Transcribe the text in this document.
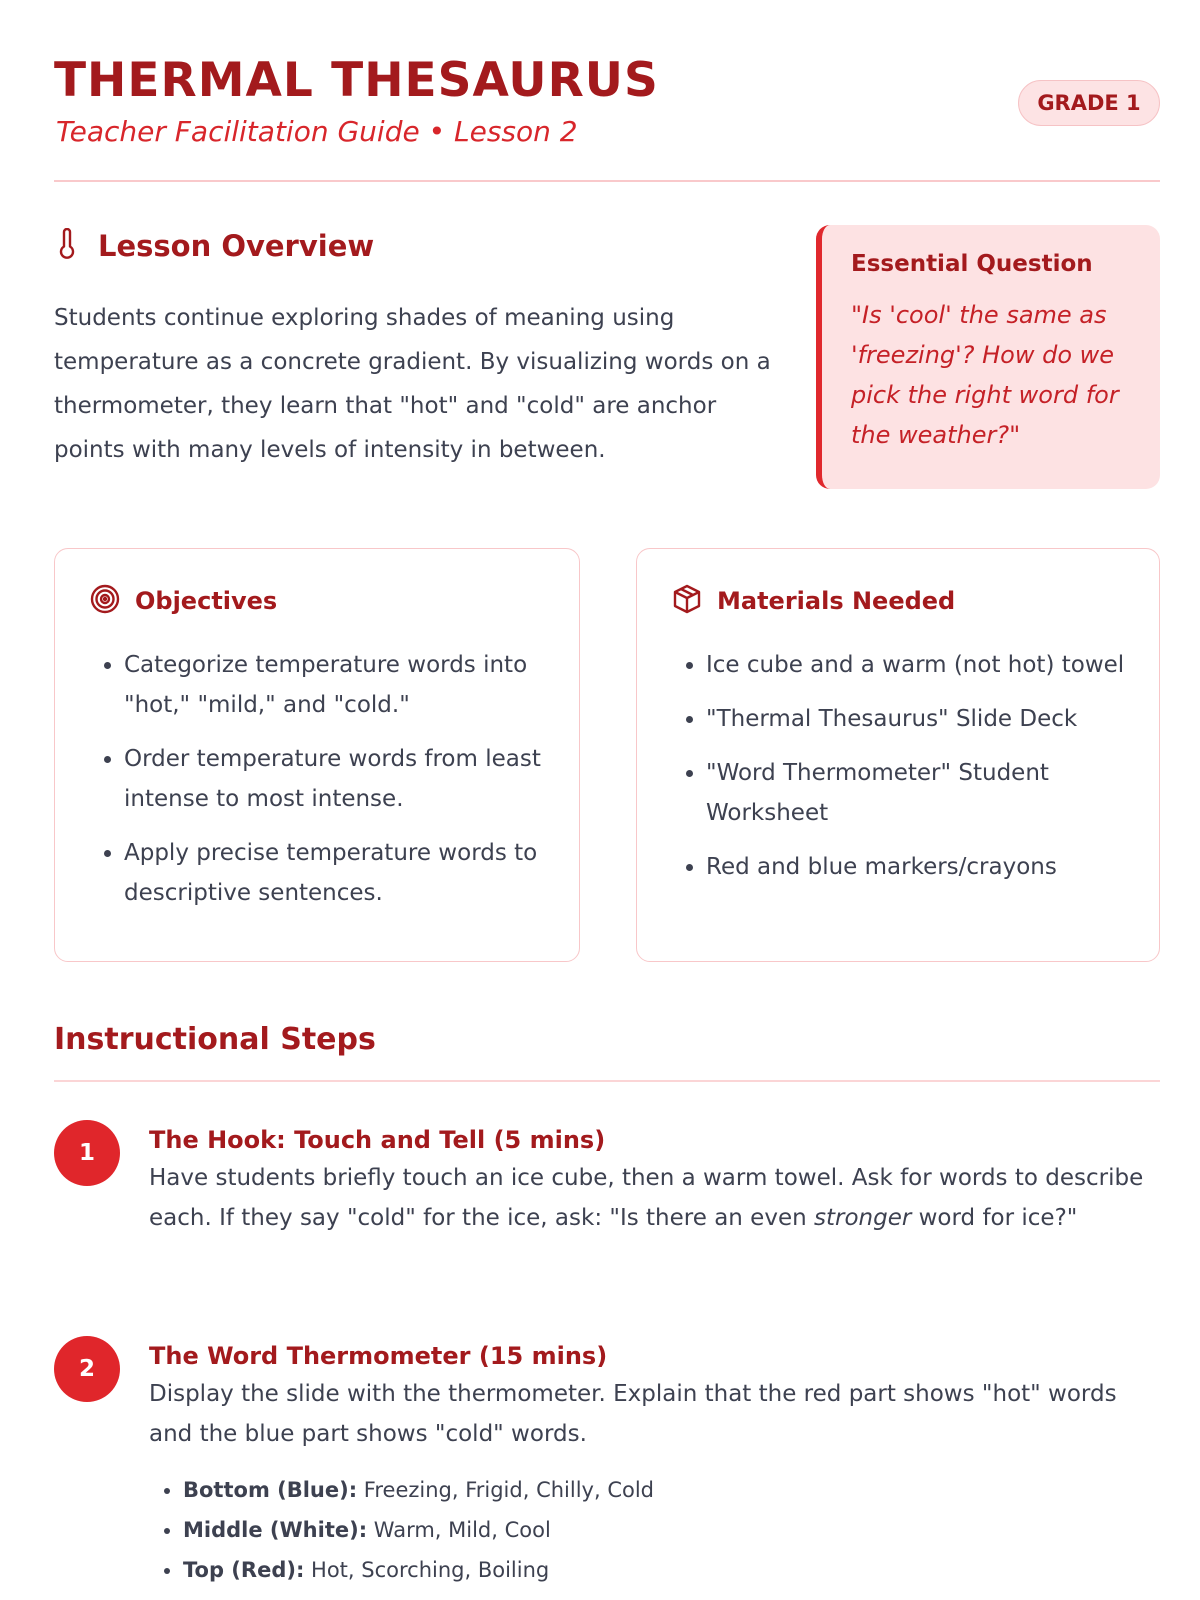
THERMAL THESAURUS

Teacher Facilitation Guide • Lesson 2

GRADE 1
Lesson Overview

Students continue exploring shades of meaning using temperature as a concrete gradient. By visualizing words on a thermometer, they learn that "hot" and "cold" are anchor points with many levels of intensity in between.

Essential Question

"Is 'cool' the same as 'freezing'? How do we pick the right word for the weather?"

Objectives
• Categorize temperature words into "hot," "mild," and "cold."
• Order temperature words from least intense to most intense.
• Apply precise temperature words to descriptive sentences.
Materials Needed
• Ice cube and a warm (not hot) towel
• "Thermal Thesaurus" Slide Deck
• "Word Thermometer" Student Worksheet
• Red and blue markers/crayons
Instructional Steps
1	The Hook: Touch and Tell (5 mins)

Have students briefly touch an ice cube, then a warm towel. Ask for words to describe each. If they say "cold" for the ice, ask: "Is there an even stronger word for ice?"

2	The Word Thermometer (15 mins)

Display the slide with the thermometer. Explain that the red part shows "hot" words and the blue part shows "cold" words.

• Bottom (Blue): Freezing, Frigid, Chilly, Cold
• Middle (White): Warm, Mild, Cool
• Top (Red): Hot, Scorching, Boiling
